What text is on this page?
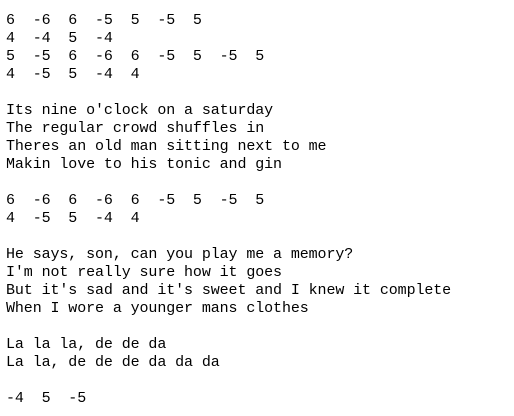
6  -6  6  -5  5  -5  5

4  -4  5  -4

5  -5  6  -6  6  -5  5  -5  5

4  -5  5  -4  4

Its nine o'clock on a saturday

The regular crowd shuffles in

Theres an old man sitting next to me

Makin love to his tonic and gin

6  -6  6  -6  6  -5  5  -5  5

4  -5  5  -4  4

He says, son, can you play me a memory?

I'm not really sure how it goes

But it's sad and it's sweet and I knew it complete

When I wore a younger mans clothes

La la la, de de da

La la, de de de da da da

-4  5  -5
